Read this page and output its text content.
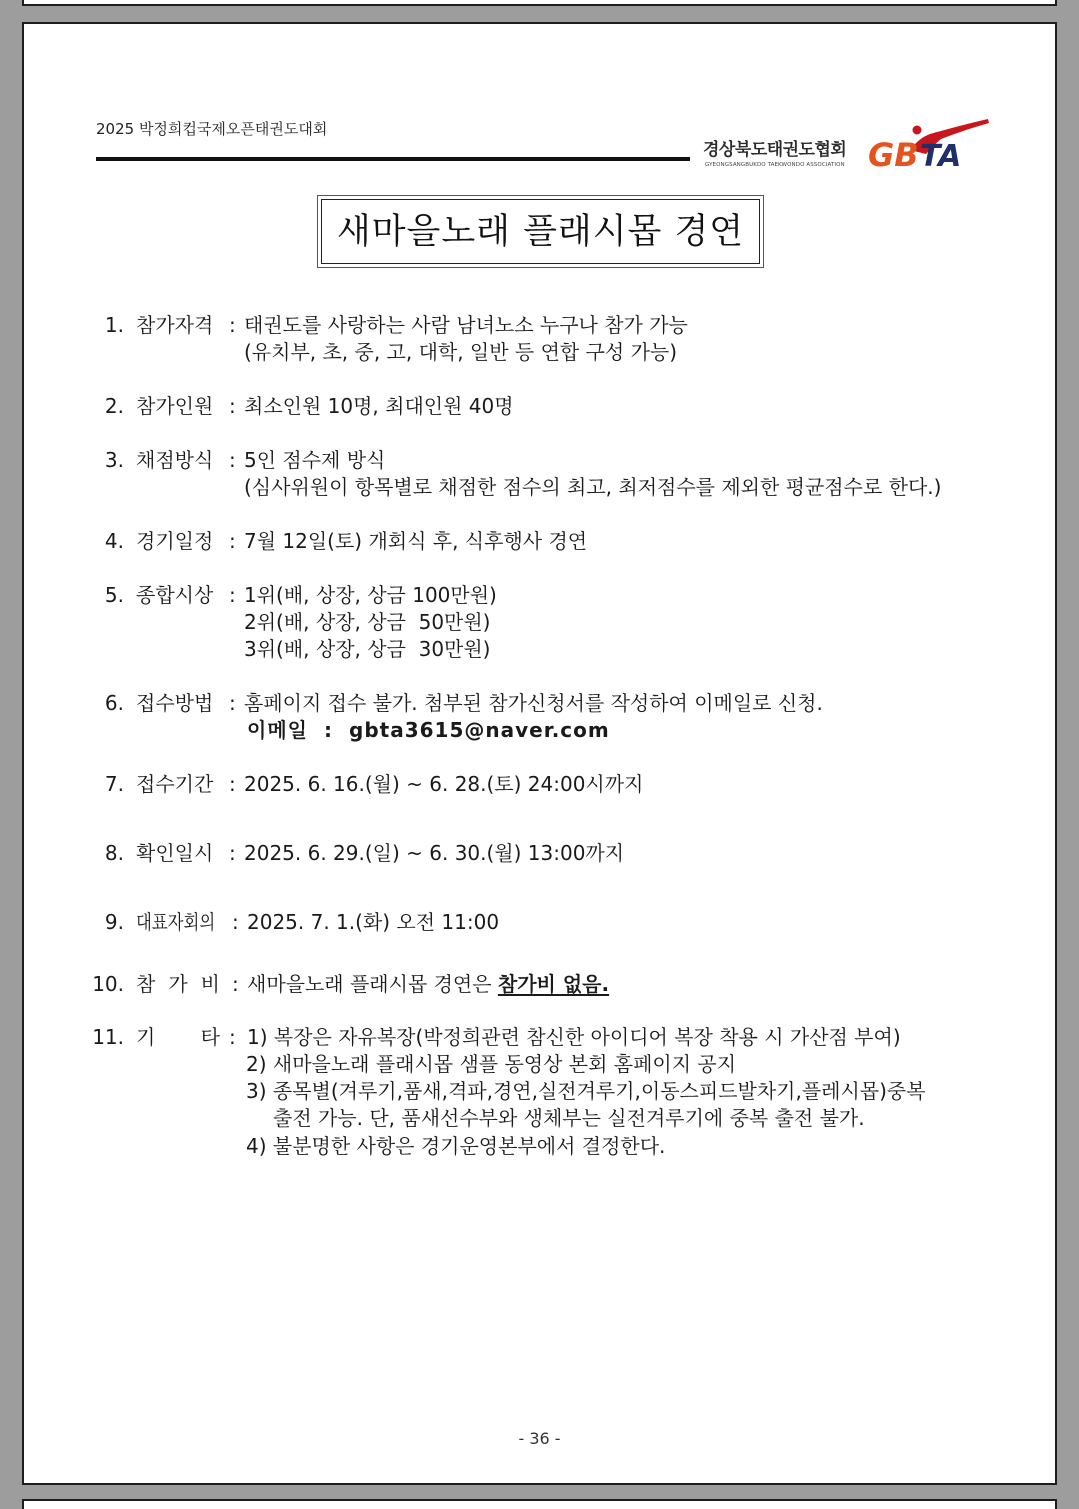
2025 박정희컵국제오픈태권도대회
경상북도태권도협회
GYEONGSANGBUKDO TAEKWONDO ASSOCIATION GB TA
새마을노래 플래시몹 경연
1. 참가자격 : 태권도를 사랑하는 사람 남녀노소 누구나 참가 가능
(유치부, 초, 중, 고, 대학, 일반 등 연합 구성 가능)
2. 참가인원 : 최소인원 10명, 최대인원 40명
3. 채점방식 : 5인 점수제 방식
(심사위원이 항목별로 채점한 점수의 최고, 최저점수를 제외한 평균점수로 한다.)
4. 경기일정 : 7월 12일(토) 개회식 후, 식후행사 경연
5. 종합시상 : 1위(배, 상장, 상금 100만원)
2위(배, 상장, 상금  50만원)
3위(배, 상장, 상금  30만원)
6. 접수방법 : 홈페이지 접수 불가. 첨부된 참가신청서를 작성하여 이메일로 신청.
이메일 : gbta3615@naver.com
7. 접수기간 : 2025. 6. 16.(월) ~ 6. 28.(토) 24:00시까지
8. 확인일시 : 2025. 6. 29.(일) ~ 6. 30.(월) 13:00까지
9. 대표자회의 : 2025. 7. 1.(화) 오전 11:00
10. 참 가 비 : 새마을노래 플래시몹 경연은 참가비 없음.
11. 기 타 : 1) 복장은 자유복장(박정희관련 참신한 아이디어 복장 착용 시 가산점 부여)
2) 새마을노래 플래시몹 샘플 동영상 본회 홈페이지 공지
3) 종목별(겨루기,품새,격파,경연,실전겨루기,이동스피드발차기,플레시몹)중복
출전 가능. 단, 품새선수부와 생체부는 실전겨루기에 중복 출전 불가.
4) 불분명한 사항은 경기운영본부에서 결정한다.
- 36 -
